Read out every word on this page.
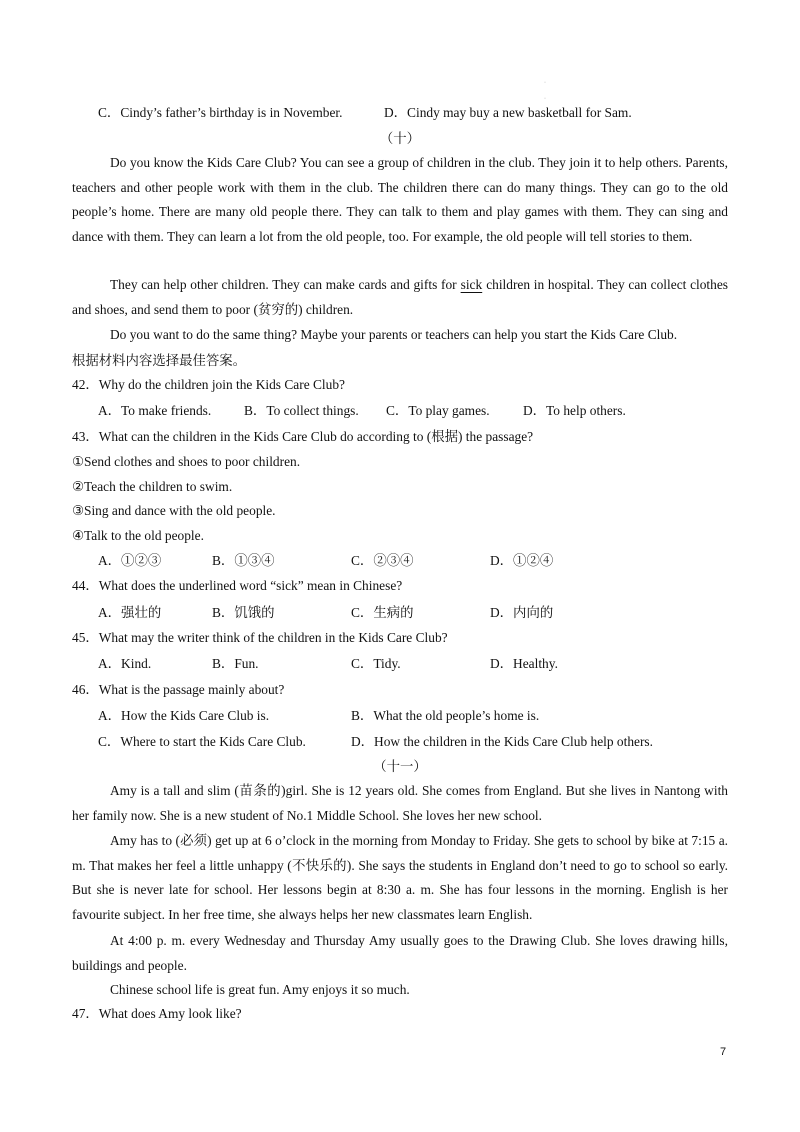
·
·
C．Cindy’s father’s birthday is in November.	D．Cindy may buy a new basketball for Sam.
（十）
Do you know the Kids Care Club? You can see a group of children in the club. They join it to help others. Parents, teachers and other people work with them in the club. The children there can do many things. They can go to the old people’s home. There are many old people there. They can talk to them and play games with them. They can sing and dance with them. They can learn a lot from the old people, too. For example, the old people will tell stories to them.
They can help other children. They can make cards and gifts for sick children in hospital. They can collect clothes and shoes, and send them to poor (贫穷的) children.
Do you want to do the same thing? Maybe your parents or teachers can help you start the Kids Care Club.
根据材料内容选择最佳答案。
42．Why do the children join the Kids Care Club?
A．To make friends. B．To collect things. C．To play games. D．To help others.
43．What can the children in the Kids Care Club do according to (根据) the passage?
①Send clothes and shoes to poor children.
②Teach the children to swim.
③Sing and dance with the old people.
④Talk to the old people.
A．①②③	B．①③④	C．②③④	D．①②④
44．What does the underlined word “sick” mean in Chinese?
A．强壮的	B．饥饿的	C．生病的	D．内向的
45．What may the writer think of the children in the Kids Care Club?
A．Kind.	B．Fun.	C．Tidy.	D．Healthy.
46．What is the passage mainly about?
A．How the Kids Care Club is.	B．What the old people’s home is.
C．Where to start the Kids Care Club.	D．How the children in the Kids Care Club help others.
（十一）
Amy is a tall and slim (苗条的)girl. She is 12 years old. She comes from England. But she lives in Nantong with her family now. She is a new student of No.1 Middle School. She loves her new school.
Amy has to (必须) get up at 6 o’clock in the morning from Monday to Friday. She gets to school by bike at 7:15 a. m. That makes her feel a little unhappy (不快乐的). She says the students in England don’t need to go to school so early. But she is never late for school. Her lessons begin at 8:30 a. m. She has four lessons in the morning. English is her favourite subject. In her free time, she always helps her new classmates learn English.
At 4:00 p. m. every Wednesday and Thursday Amy usually goes to the Drawing Club. She loves drawing hills, buildings and people.
Chinese school life is great fun. Amy enjoys it so much.
47．What does Amy look like?
7
